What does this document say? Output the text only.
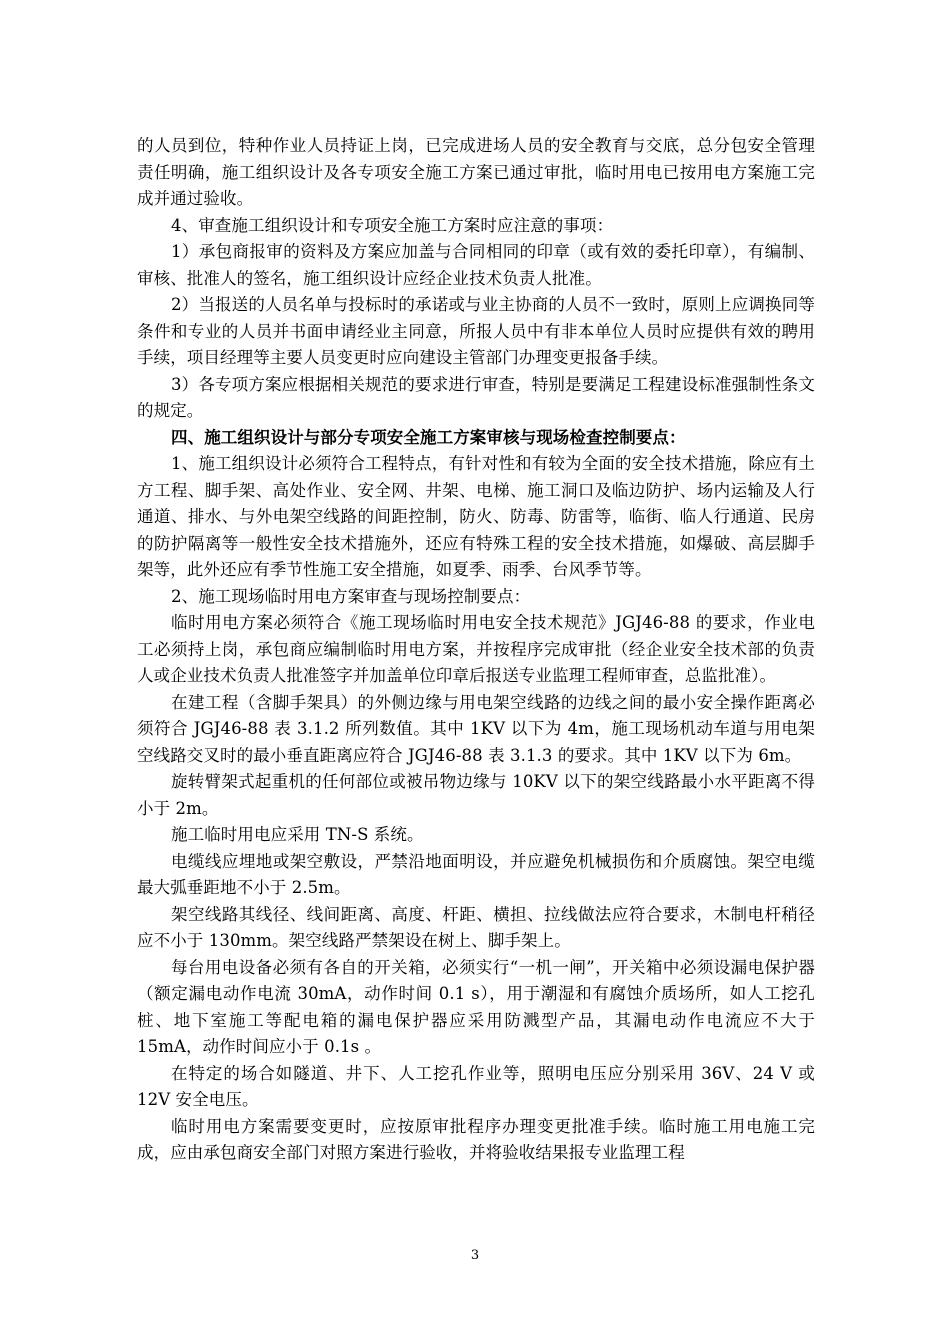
的人员到位，特种作业人员持证上岗，已完成进场人员的安全教育与交底，总分包安全管理责任明确，施工组织设计及各专项安全施工方案已通过审批，临时用电已按用电方案施工完成并通过验收。

4、审查施工组织设计和专项安全施工方案时应注意的事项：

1）承包商报审的资料及方案应加盖与合同相同的印章（或有效的委托印章），有编制、审核、批准人的签名，施工组织设计应经企业技术负责人批准。

2）当报送的人员名单与投标时的承诺或与业主协商的人员不一致时，原则上应调换同等条件和专业的人员并书面申请经业主同意，所报人员中有非本单位人员时应提供有效的聘用手续，项目经理等主要人员变更时应向建设主管部门办理变更报备手续。

3）各专项方案应根据相关规范的要求进行审查，特别是要满足工程建设标准强制性条文的规定。

四、施工组织设计与部分专项安全施工方案审核与现场检查控制要点：

1、施工组织设计必须符合工程特点，有针对性和有较为全面的安全技术措施，除应有土方工程、脚手架、高处作业、安全网、井架、电梯、施工洞口及临边防护、场内运输及人行通道、排水、与外电架空线路的间距控制，防火、防毒、防雷等，临街、临人行通道、民房的防护隔离等一般性安全技术措施外，还应有特殊工程的安全技术措施，如爆破、高层脚手架等，此外还应有季节性施工安全措施，如夏季、雨季、台风季节等。

2、施工现场临时用电方案审查与现场控制要点：

临时用电方案必须符合《施工现场临时用电安全技术规范》JGJ46-88 的要求，作业电工必须持上岗，承包商应编制临时用电方案，并按程序完成审批（经企业安全技术部的负责人或企业技术负责人批准签字并加盖单位印章后报送专业监理工程师审查，总监批准）。

在建工程（含脚手架具）的外侧边缘与用电架空线路的边线之间的最小安全操作距离必须符合 JGJ46-88 表 3.1.2 所列数值。其中 1KV 以下为 4m，施工现场机动车道与用电架空线路交叉时的最小垂直距离应符合 JGJ46-88 表 3.1.3 的要求。其中 1KV 以下为 6m。

旋转臂架式起重机的任何部位或被吊物边缘与 10KV 以下的架空线路最小水平距离不得小于 2m。

施工临时用电应采用 TN-S 系统。

电缆线应埋地或架空敷设，严禁沿地面明设，并应避免机械损伤和介质腐蚀。架空电缆最大弧垂距地不小于 2.5m。

架空线路其线径、线间距离、高度、杆距、横担、拉线做法应符合要求，木制电杆稍径应不小于 130mm。架空线路严禁架设在树上、脚手架上。

每台用电设备必须有各自的开关箱，必须实行“一机一闸”，开关箱中必须设漏电保护器（额定漏电动作电流 30mA，动作时间 0.1 s），用于潮湿和有腐蚀介质场所，如人工挖孔桩、地下室施工等配电箱的漏电保护器应采用防溅型产品，其漏电动作电流应不大于 15mA，动作时间应小于 0.1s 。

在特定的场合如隧道、井下、人工挖孔作业等，照明电压应分别采用 36V、24 V 或 12V 安全电压。

临时用电方案需要变更时，应按原审批程序办理变更批准手续。临时施工用电施工完成，应由承包商安全部门对照方案进行验收，并将验收结果报专业监理工程

3
